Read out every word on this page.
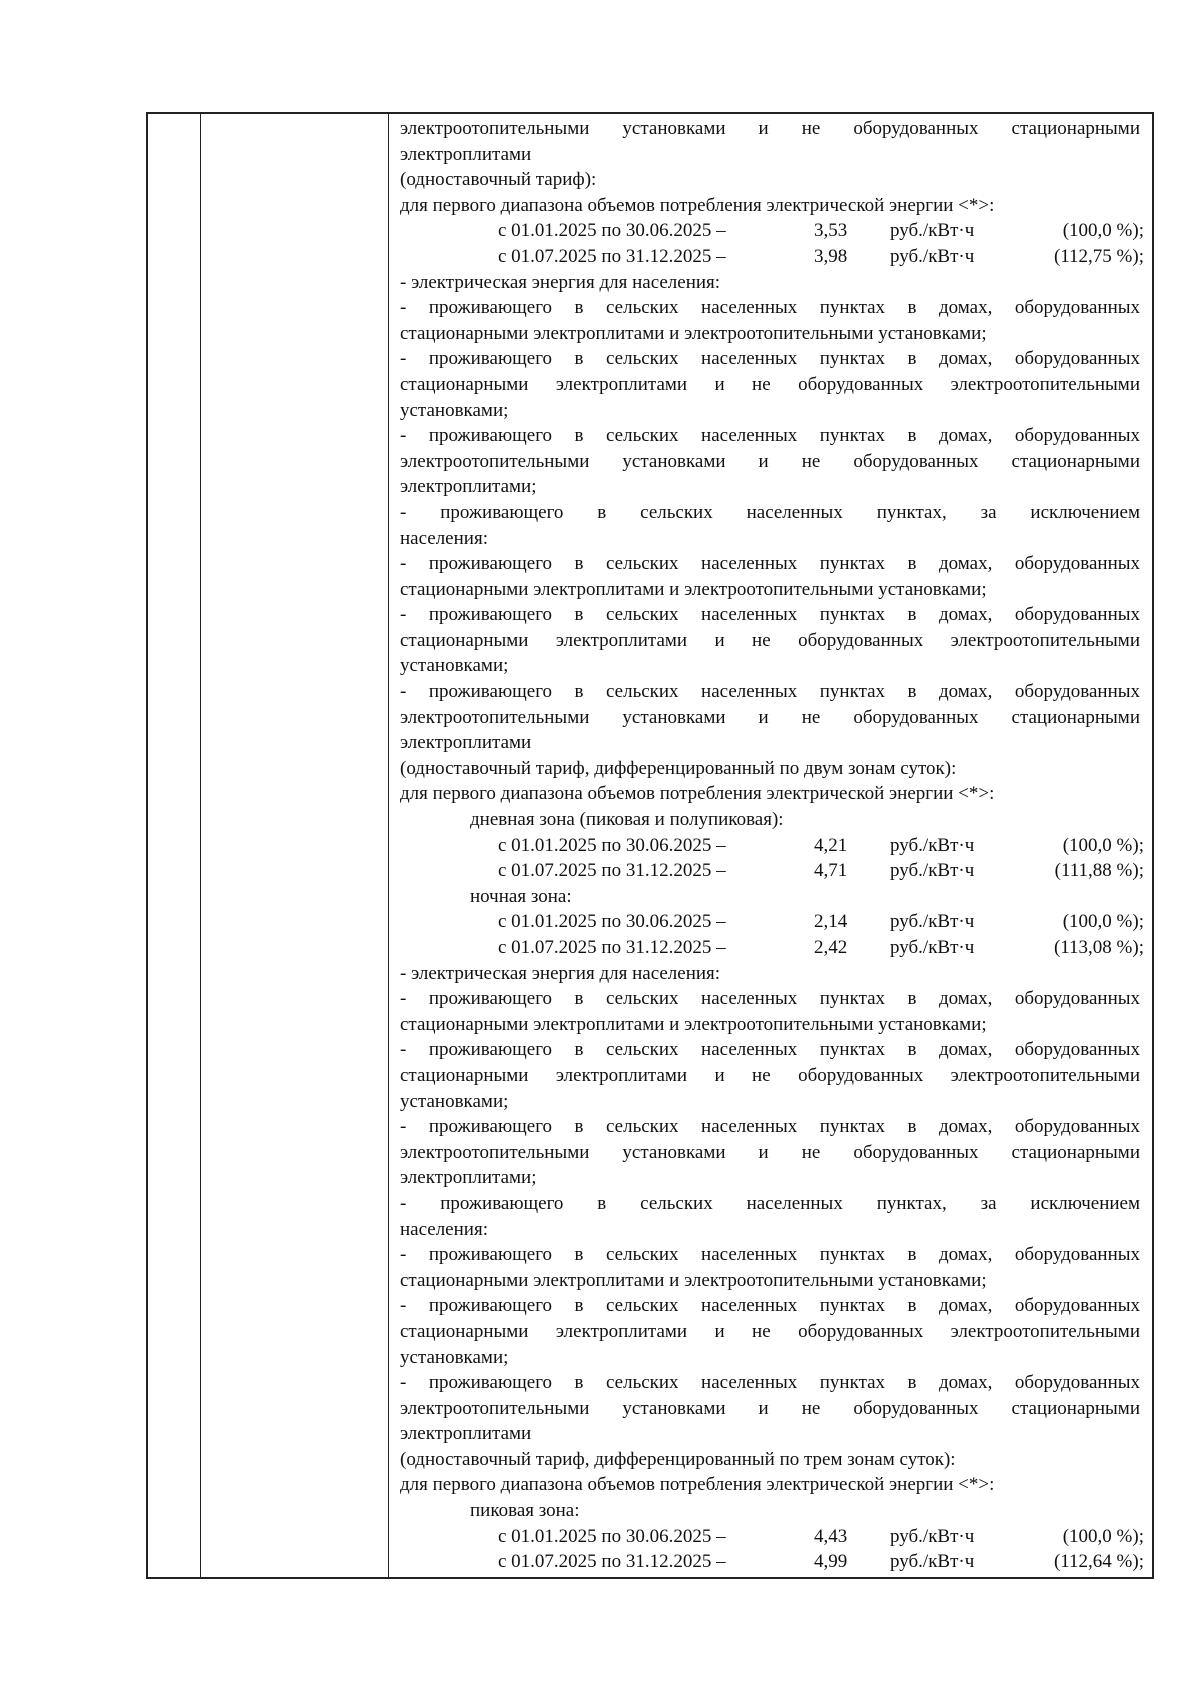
электроотопительными установками и не оборудованных стационарными
электроплитами
(одноставочный тариф):
для первого диапазона объемов потребления электрической энергии <*>:
с 01.01.2025 по 30.06.2025 –	3,53 руб./кВт·ч	(100,0 %);
с 01.07.2025 по 31.12.2025 –	3,98 руб./кВт·ч	(112,75 %);
- электрическая энергия для населения:
- проживающего в сельских населенных пунктах в домах, оборудованных
стационарными электроплитами и электроотопительными установками;
- проживающего в сельских населенных пунктах в домах, оборудованных
стационарными электроплитами и не оборудованных электроотопительными
установками;
- проживающего в сельских населенных пунктах в домах, оборудованных
электроотопительными установками и не оборудованных стационарными
электроплитами;
- проживающего в сельских населенных пунктах, за исключением
населения:
- проживающего в сельских населенных пунктах в домах, оборудованных
стационарными электроплитами и электроотопительными установками;
- проживающего в сельских населенных пунктах в домах, оборудованных
стационарными электроплитами и не оборудованных электроотопительными
установками;
- проживающего в сельских населенных пунктах в домах, оборудованных
электроотопительными установками и не оборудованных стационарными
электроплитами
(одноставочный тариф, дифференцированный по двум зонам суток):
для первого диапазона объемов потребления электрической энергии <*>:
дневная зона (пиковая и полупиковая):
с 01.01.2025 по 30.06.2025 –	4,21 руб./кВт·ч	(100,0 %);
с 01.07.2025 по 31.12.2025 –	4,71 руб./кВт·ч	(111,88 %);
ночная зона:
с 01.01.2025 по 30.06.2025 –	2,14 руб./кВт·ч	(100,0 %);
с 01.07.2025 по 31.12.2025 –	2,42 руб./кВт·ч	(113,08 %);
- электрическая энергия для населения:
- проживающего в сельских населенных пунктах в домах, оборудованных
стационарными электроплитами и электроотопительными установками;
- проживающего в сельских населенных пунктах в домах, оборудованных
стационарными электроплитами и не оборудованных электроотопительными
установками;
- проживающего в сельских населенных пунктах в домах, оборудованных
электроотопительными установками и не оборудованных стационарными
электроплитами;
- проживающего в сельских населенных пунктах, за исключением
населения:
- проживающего в сельских населенных пунктах в домах, оборудованных
стационарными электроплитами и электроотопительными установками;
- проживающего в сельских населенных пунктах в домах, оборудованных
стационарными электроплитами и не оборудованных электроотопительными
установками;
- проживающего в сельских населенных пунктах в домах, оборудованных
электроотопительными установками и не оборудованных стационарными
электроплитами
(одноставочный тариф, дифференцированный по трем зонам суток):
для первого диапазона объемов потребления электрической энергии <*>:
пиковая зона:
с 01.01.2025 по 30.06.2025 –	4,43 руб./кВт·ч	(100,0 %);
с 01.07.2025 по 31.12.2025 –	4,99 руб./кВт·ч	(112,64 %);
